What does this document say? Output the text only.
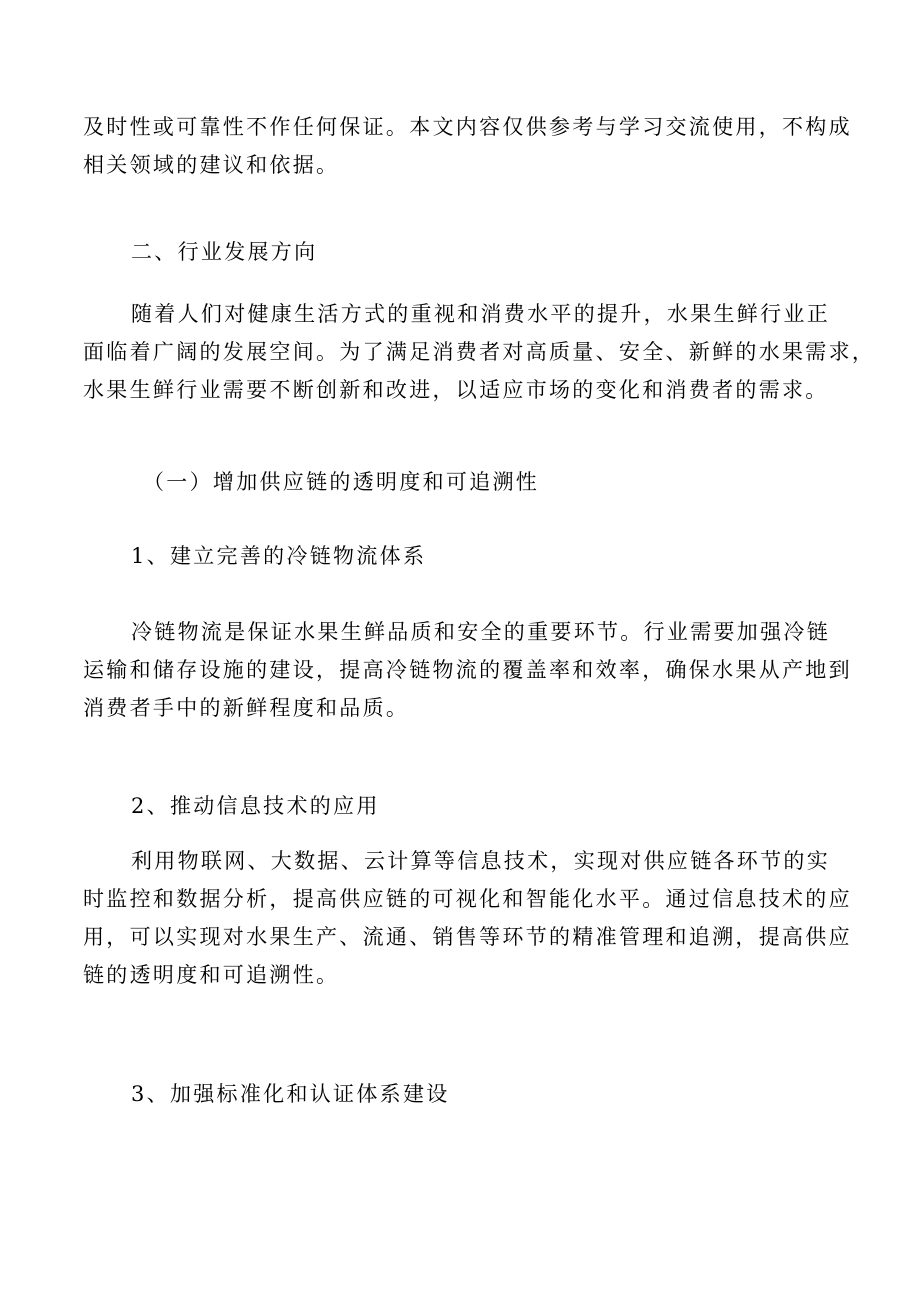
及时性或可靠性不作任何保证。本文内容仅供参考与学习交流使用，不构成
相关领域的建议和依据。
二、行业发展方向
随着人们对健康生活方式的重视和消费水平的提升，水果生鲜行业正
面临着广阔的发展空间。为了满足消费者对高质量、安全、新鲜的水果需求，
水果生鲜行业需要不断创新和改进，以适应市场的变化和消费者的需求。
（一）增加供应链的透明度和可追溯性
1、建立完善的冷链物流体系
冷链物流是保证水果生鲜品质和安全的重要环节。行业需要加强冷链
运输和储存设施的建设，提高冷链物流的覆盖率和效率，确保水果从产地到
消费者手中的新鲜程度和品质。
2、推动信息技术的应用
利用物联网、大数据、云计算等信息技术，实现对供应链各环节的实
时监控和数据分析，提高供应链的可视化和智能化水平。通过信息技术的应
用，可以实现对水果生产、流通、销售等环节的精准管理和追溯，提高供应
链的透明度和可追溯性。
3、加强标准化和认证体系建设
